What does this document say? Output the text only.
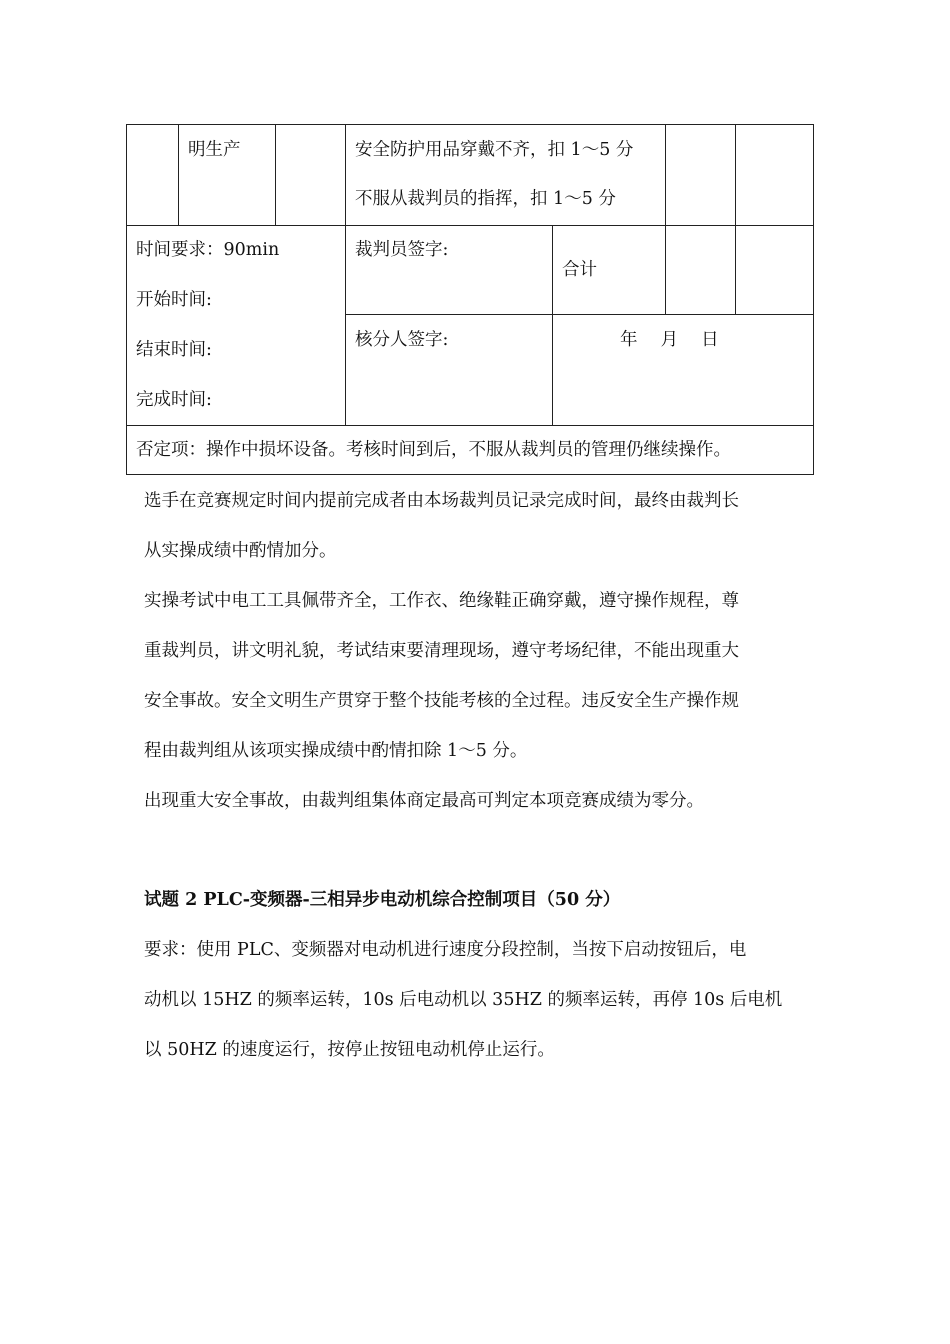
明生产	安全防护用品穿戴不齐，扣 1～5 分
不服从裁判员的指挥，扣 1～5 分
时间要求：90min
开始时间:
结束时间:
完成时间:
裁判员签字:
合计
核分人签字:	年　 月　 日
否定项：操作中损坏设备。考核时间到后，不服从裁判员的管理仍继续操作。
选手在竞赛规定时间内提前完成者由本场裁判员记录完成时间，最终由裁判长
从实操成绩中酌情加分。
实操考试中电工工具佩带齐全，工作衣、绝缘鞋正确穿戴，遵守操作规程，尊
重裁判员，讲文明礼貌，考试结束要清理现场，遵守考场纪律，不能出现重大
安全事故。安全文明生产贯穿于整个技能考核的全过程。违反安全生产操作规
程由裁判组从该项实操成绩中酌情扣除 1～5 分。
出现重大安全事故，由裁判组集体商定最高可判定本项竞赛成绩为零分。
试题 2 PLC-变频器-三相异步电动机综合控制项目（50 分）
要求：使用 PLC、变频器对电动机进行速度分段控制，当按下启动按钮后，电
动机以 15HZ 的频率运转，10s 后电动机以 35HZ 的频率运转，再停 10s 后电机
以 50HZ 的速度运行，按停止按钮电动机停止运行。
